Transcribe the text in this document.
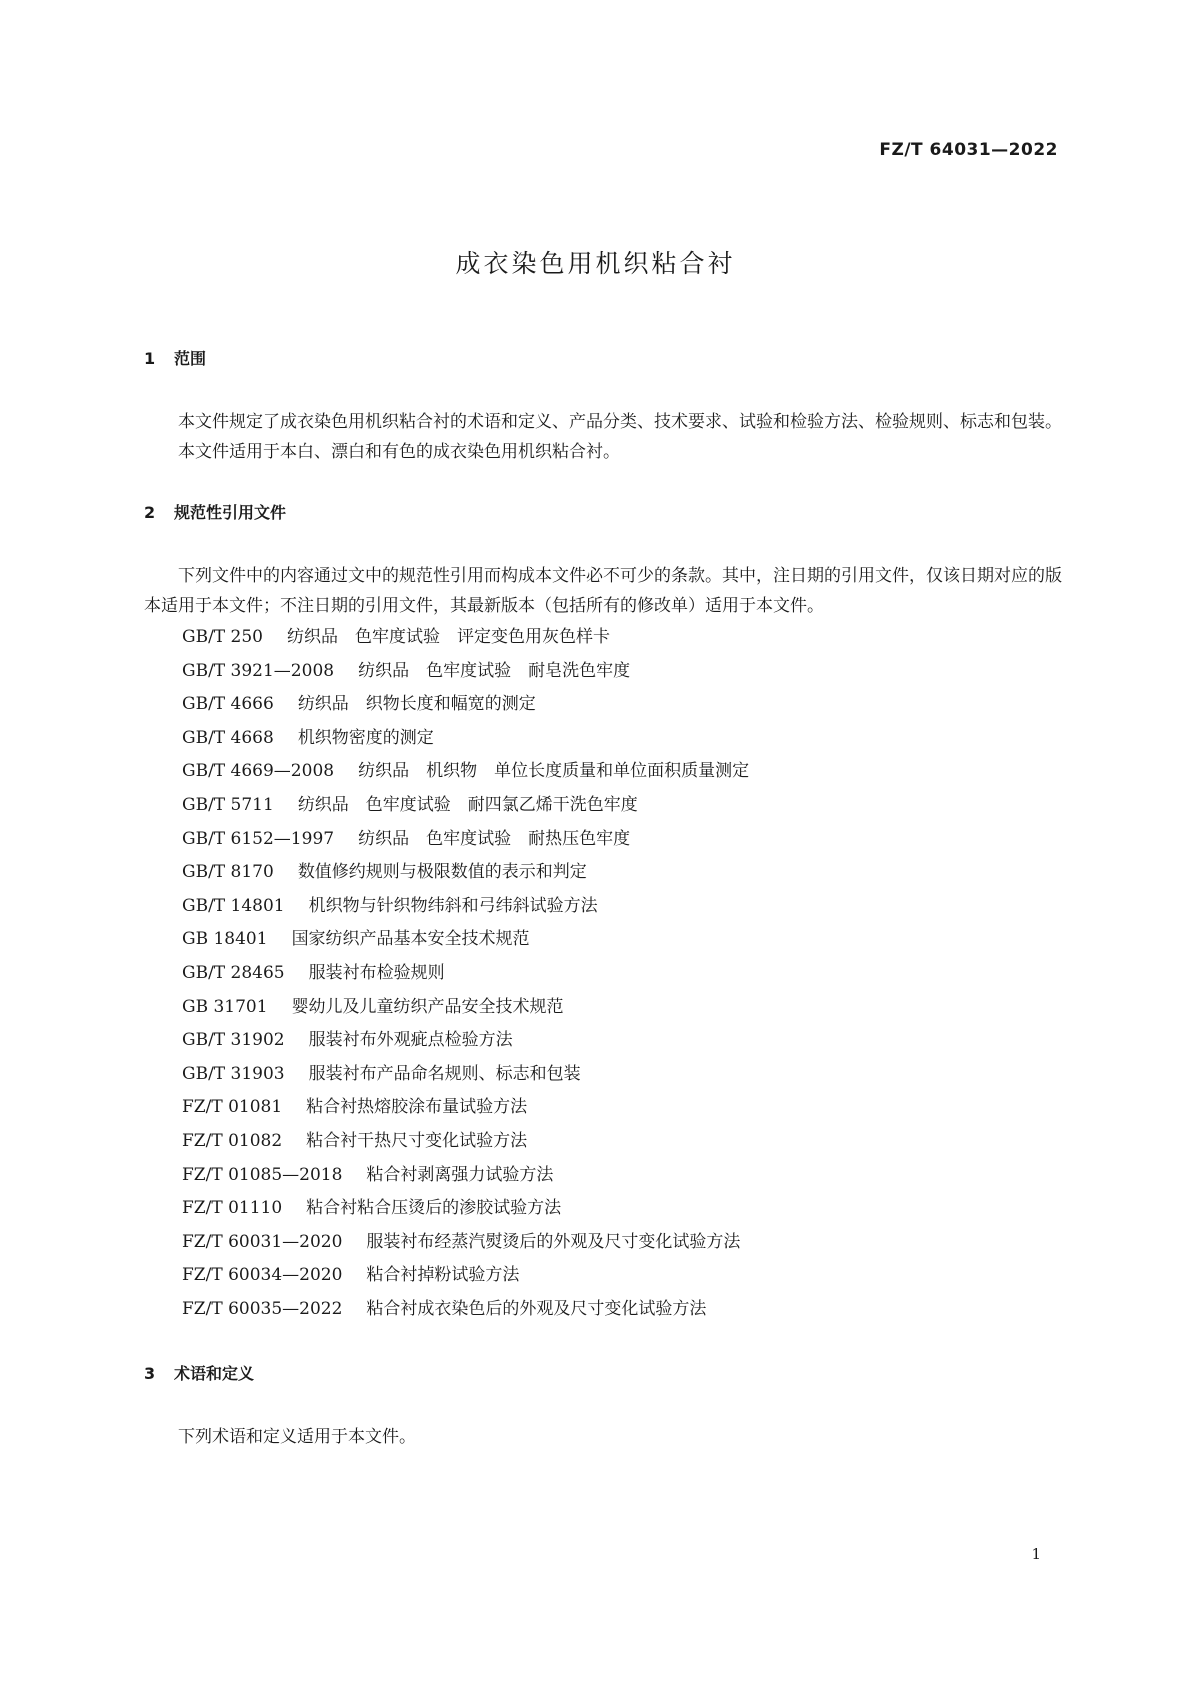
FZ/T 64031—2022
成衣染色用机织粘合衬
1 范围

本文件规定了成衣染色用机织粘合衬的术语和定义、产品分类、技术要求、试验和检验方法、检验规则、标志和包装。

本文件适用于本白、漂白和有色的成衣染色用机织粘合衬。

2 规范性引用文件

下列文件中的内容通过文中的规范性引用而构成本文件必不可少的条款。其中，注日期的引用文件，仅该日期对应的版本适用于本文件；不注日期的引用文件，其最新版本（包括所有的修改单）适用于本文件。

GB/T 250 纺织品　色牢度试验　评定变色用灰色样卡
GB/T 3921—2008 纺织品　色牢度试验　耐皂洗色牢度
GB/T 4666 纺织品　织物长度和幅宽的测定
GB/T 4668 机织物密度的测定
GB/T 4669—2008 纺织品　机织物　单位长度质量和单位面积质量测定
GB/T 5711 纺织品　色牢度试验　耐四氯乙烯干洗色牢度
GB/T 6152—1997 纺织品　色牢度试验　耐热压色牢度
GB/T 8170 数值修约规则与极限数值的表示和判定
GB/T 14801 机织物与针织物纬斜和弓纬斜试验方法
GB 18401 国家纺织产品基本安全技术规范
GB/T 28465 服装衬布检验规则
GB 31701 婴幼儿及儿童纺织产品安全技术规范
GB/T 31902 服装衬布外观疵点检验方法
GB/T 31903 服装衬布产品命名规则、标志和包装
FZ/T 01081 粘合衬热熔胶涂布量试验方法
FZ/T 01082 粘合衬干热尺寸变化试验方法
FZ/T 01085—2018 粘合衬剥离强力试验方法
FZ/T 01110 粘合衬粘合压烫后的渗胶试验方法
FZ/T 60031—2020 服装衬布经蒸汽熨烫后的外观及尺寸变化试验方法
FZ/T 60034—2020 粘合衬掉粉试验方法
FZ/T 60035—2022 粘合衬成衣染色后的外观及尺寸变化试验方法
3 术语和定义

下列术语和定义适用于本文件。

1
